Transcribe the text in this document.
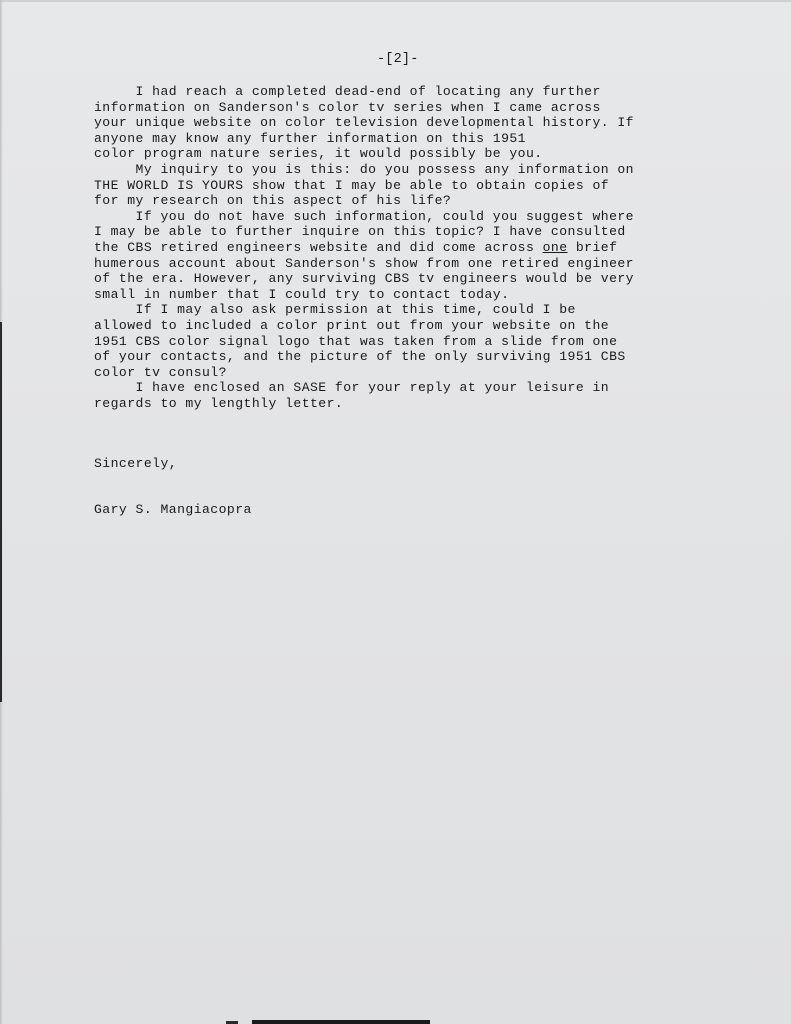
-[2]-
I had reach a completed dead-end of locating any further
information on Sanderson's color tv series when I came across
your unique website on color television developmental history. If
anyone may know any further information on this 1951
color program nature series, it would possibly be you.
My inquiry to you is this: do you possess any information on
THE WORLD IS YOURS show that I may be able to obtain copies of
for my research on this aspect of his life?
If you do not have such information, could you suggest where
I may be able to further inquire on this topic? I have consulted
the CBS retired engineers website and did come across one brief
humerous account about Sanderson's show from one retired engineer
of the era. However, any surviving CBS tv engineers would be very
small in number that I could try to contact today.
If I may also ask permission at this time, could I be
allowed to included a color print out from your website on the
1951 CBS color signal logo that was taken from a slide from one
of your contacts, and the picture of the only surviving 1951 CBS
color tv consul?
I have enclosed an SASE for your reply at your leisure in
regards to my lengthly letter.
Sincerely,
Gary S. Mangiacopra
